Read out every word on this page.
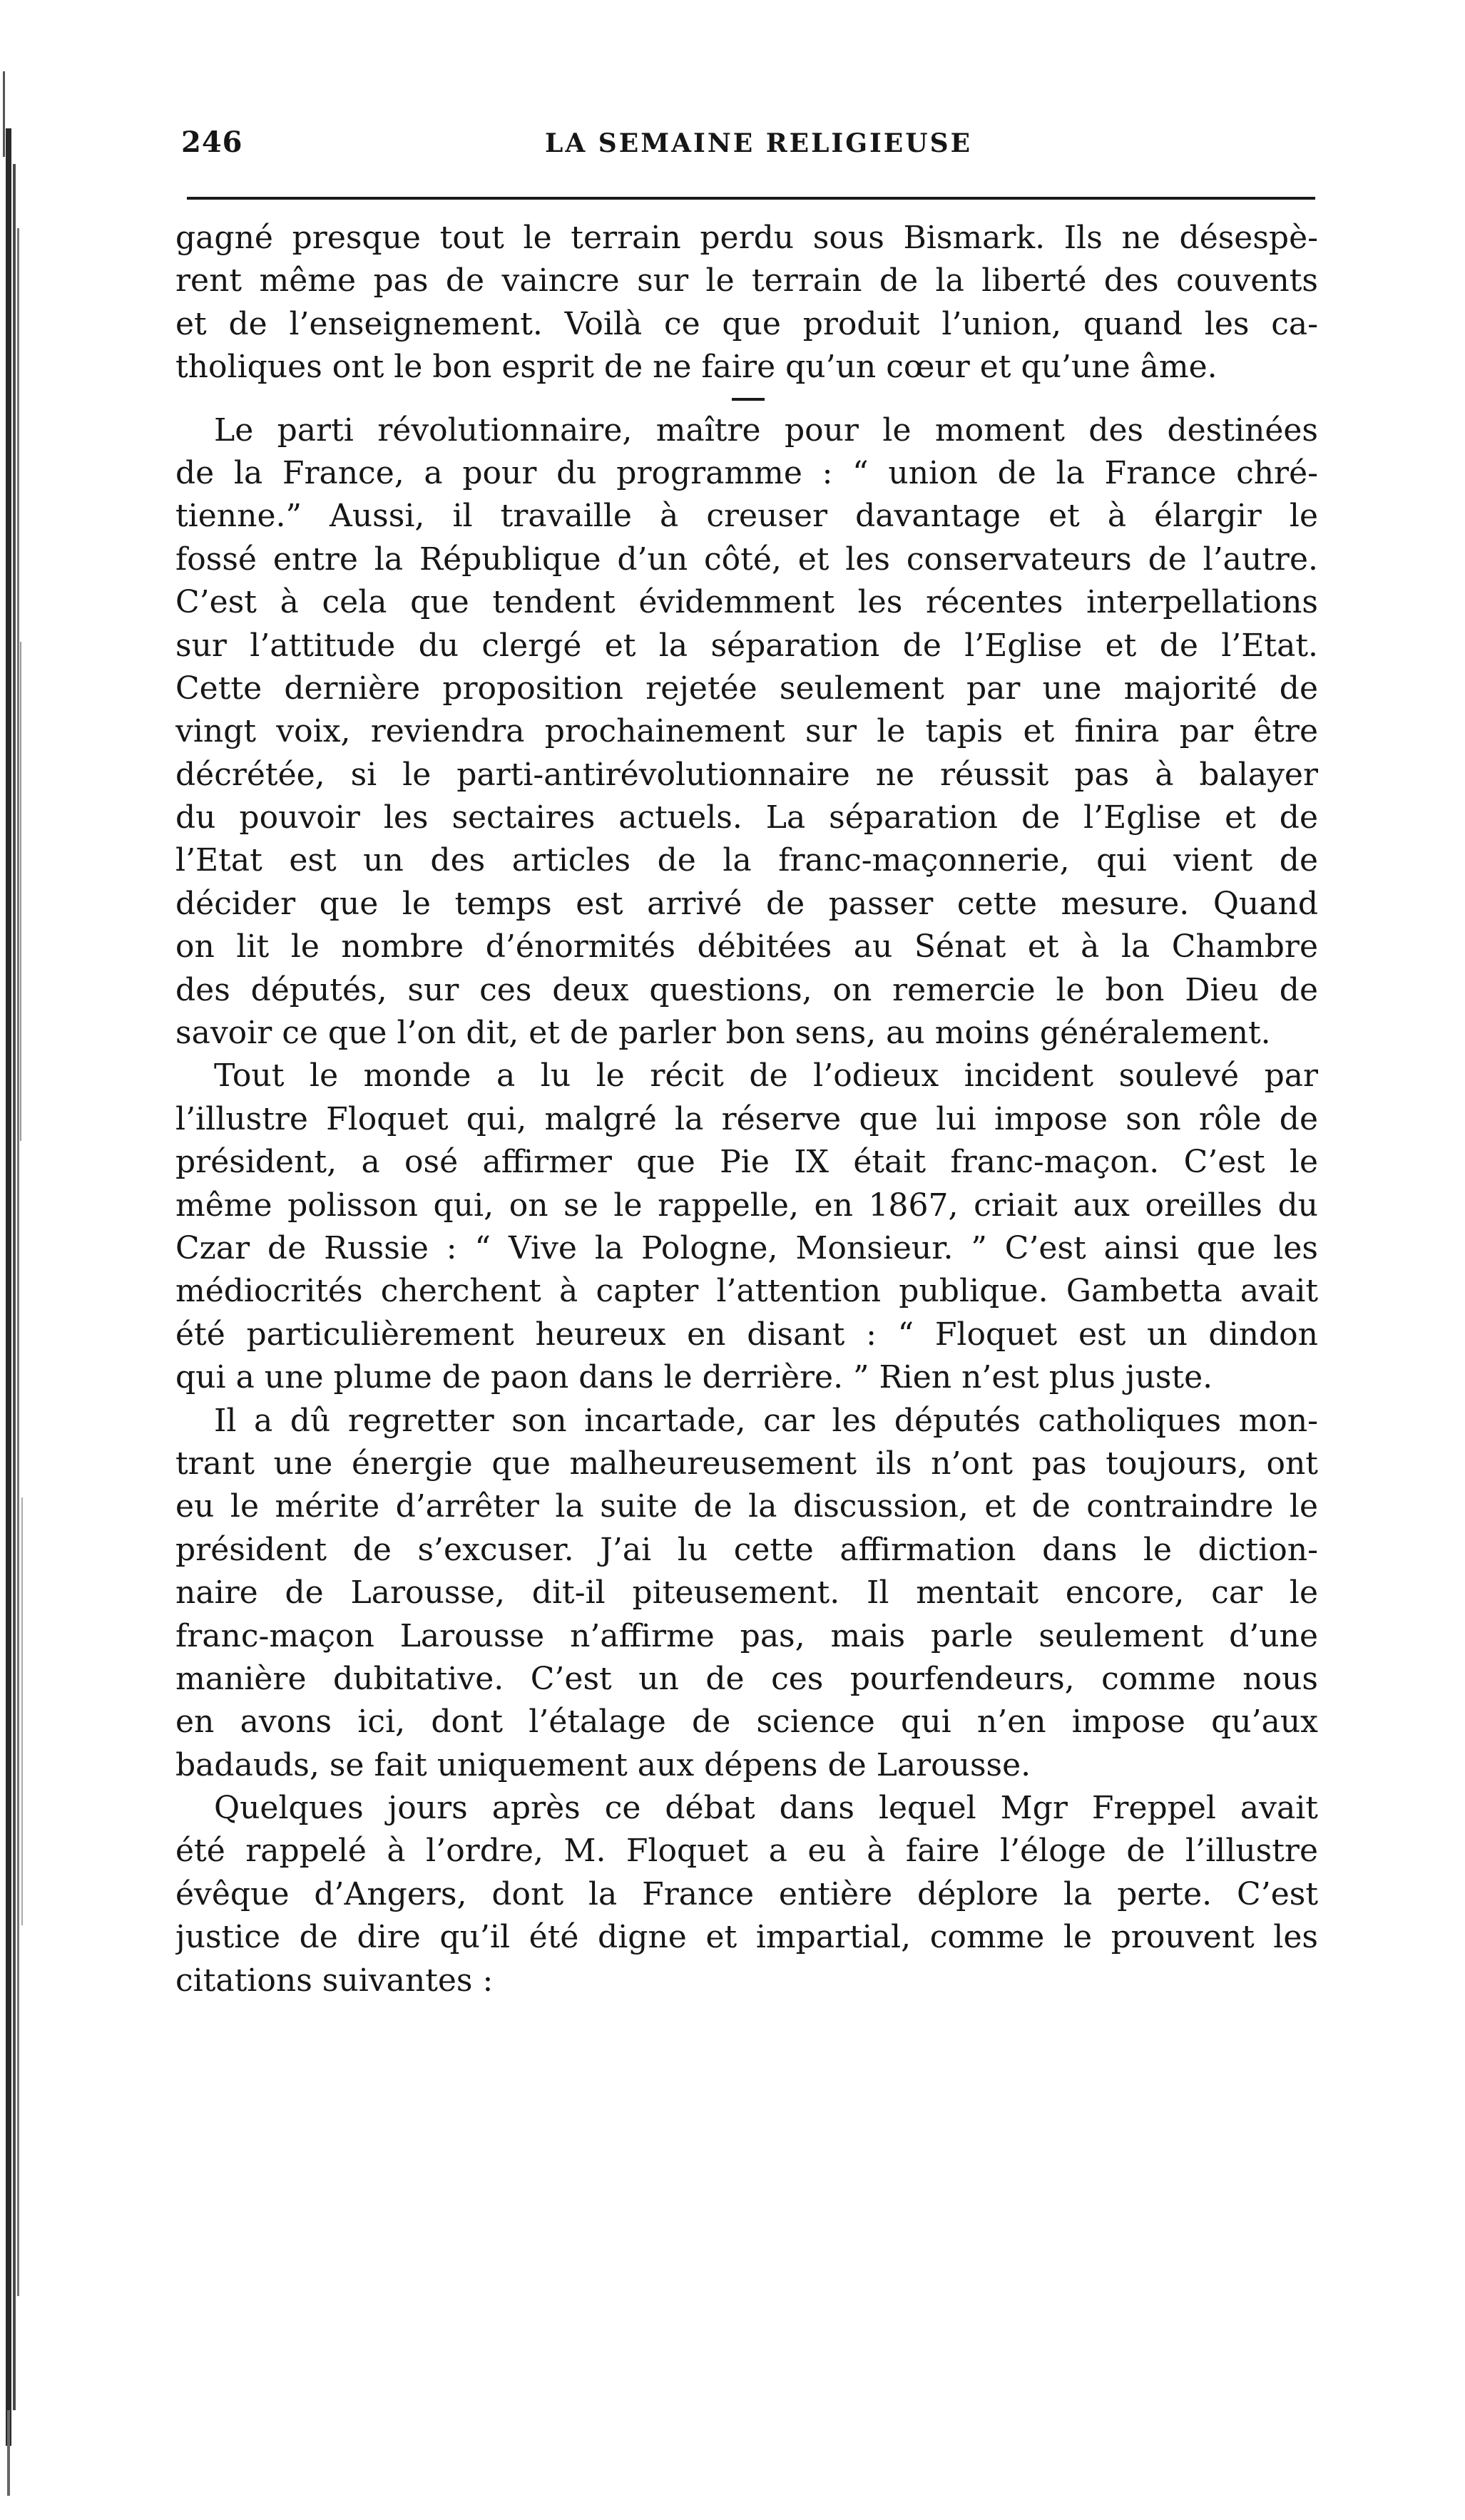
246	LA SEMAINE RELIGIEUSE
gagné presque tout le terrain perdu sous Bismark. Ils ne désespè-
rent même pas de vaincre sur le terrain de la liberté des couvents
et de l’enseignement. Voilà ce que produit l’union, quand les ca-
tholiques ont le bon esprit de ne faire qu’un cœur et qu’une âme.
Le parti révolutionnaire, maître pour le moment des destinées
de la France, a pour du programme : “ union de la France chré-
tienne.” Aussi, il travaille à creuser davantage et à élargir le
fossé entre la République d’un côté, et les conservateurs de l’autre.
C’est à cela que tendent évidemment les récentes interpellations
sur l’attitude du clergé et la séparation de l’Eglise et de l’Etat.
Cette dernière proposition rejetée seulement par une majorité de
vingt voix, reviendra prochainement sur le tapis et finira par être
décrétée, si le parti-antirévolutionnaire ne réussit pas à balayer
du pouvoir les sectaires actuels. La séparation de l’Eglise et de
l’Etat est un des articles de la franc-maçonnerie, qui vient de
décider que le temps est arrivé de passer cette mesure. Quand
on lit le nombre d’énormités débitées au Sénat et à la Chambre
des députés, sur ces deux questions, on remercie le bon Dieu de
savoir ce que l’on dit, et de parler bon sens, au moins généralement.
Tout le monde a lu le récit de l’odieux incident soulevé par
l’illustre Floquet qui, malgré la réserve que lui impose son rôle de
président, a osé affirmer que Pie IX était franc-maçon. C’est le
même polisson qui, on se le rappelle, en 1867, criait aux oreilles du
Czar de Russie : “ Vive la Pologne, Monsieur. ” C’est ainsi que les
médiocrités cherchent à capter l’attention publique. Gambetta avait
été particulièrement heureux en disant : “ Floquet est un dindon
qui a une plume de paon dans le derrière. ” Rien n’est plus juste.
Il a dû regretter son incartade, car les députés catholiques mon-
trant une énergie que malheureusement ils n’ont pas toujours, ont
eu le mérite d’arrêter la suite de la discussion, et de contraindre le
président de s’excuser. J’ai lu cette affirmation dans le diction-
naire de Larousse, dit-il piteusement. Il mentait encore, car le
franc-maçon Larousse n’affirme pas, mais parle seulement d’une
manière dubitative. C’est un de ces pourfendeurs, comme nous
en avons ici, dont l’étalage de science qui n’en impose qu’aux
badauds, se fait uniquement aux dépens de Larousse.
Quelques jours après ce débat dans lequel Mgr Freppel avait
été rappelé à l’ordre, M. Floquet a eu à faire l’éloge de l’illustre
évêque d’Angers, dont la France entière déplore la perte. C’est
justice de dire qu’il été digne et impartial, comme le prouvent les
citations suivantes :
